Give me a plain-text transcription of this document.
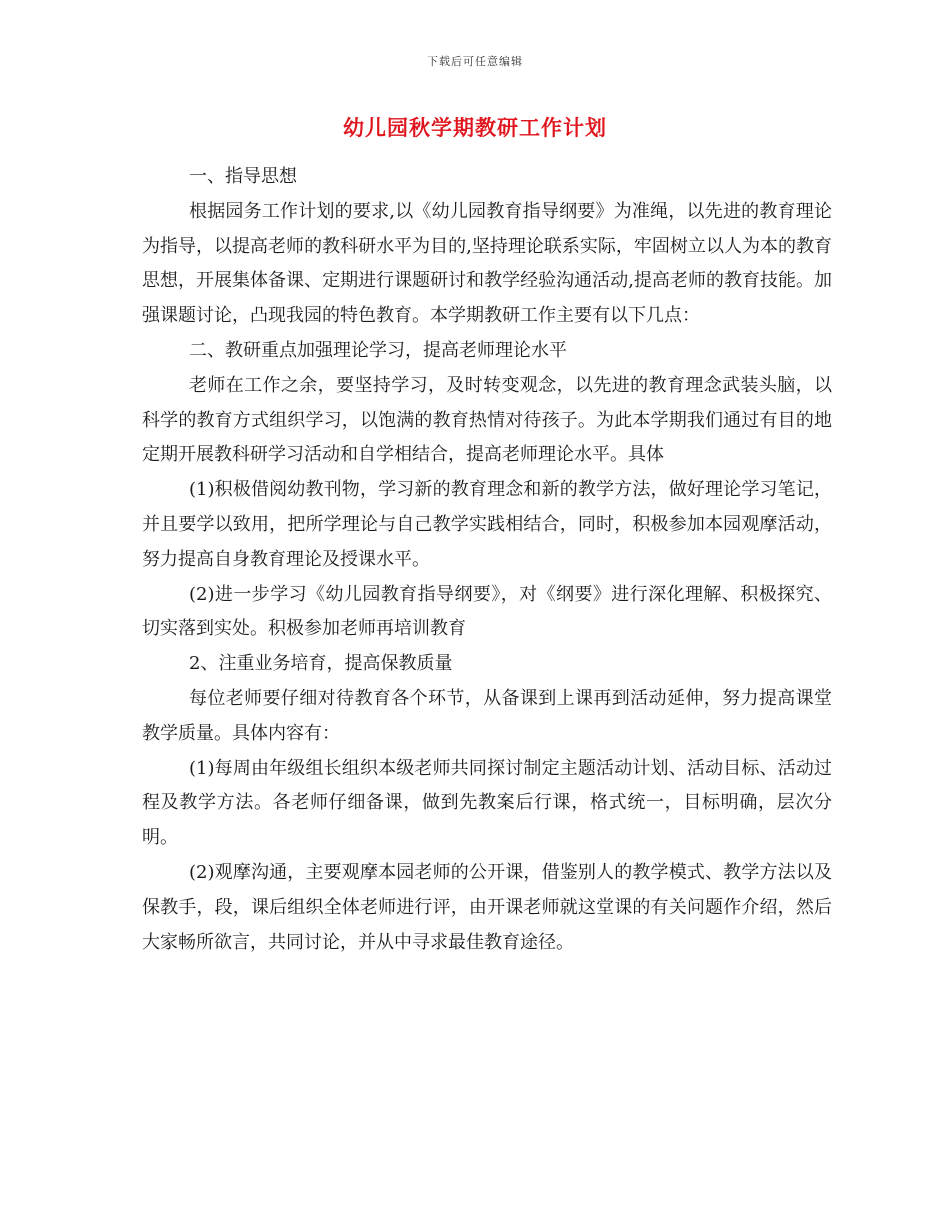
下载后可任意编辑
幼儿园秋学期教研工作计划

一、指导思想

根据园务工作计划的要求,以《幼儿园教育指导纲要》为准绳，以先进的教育理论为指导，以提高老师的教科研水平为目的,坚持理论联系实际，牢固树立以人为本的教育思想，开展集体备课、定期进行课题研讨和教学经验沟通活动,提高老师的教育技能。加强课题讨论，凸现我园的特色教育。本学期教研工作主要有以下几点：

二、教研重点加强理论学习，提高老师理论水平

老师在工作之余，要坚持学习，及时转变观念，以先进的教育理念武装头脑，以科学的教育方式组织学习，以饱满的教育热情对待孩子。为此本学期我们通过有目的地定期开展教科研学习活动和自学相结合，提高老师理论水平。具体

(1)积极借阅幼教刊物，学习新的教育理念和新的教学方法，做好理论学习笔记，并且要学以致用，把所学理论与自己教学实践相结合，同时，积极参加本园观摩活动，努力提高自身教育理论及授课水平。

(2)进一步学习《幼儿园教育指导纲要》，对《纲要》进行深化理解、积极探究、切实落到实处。积极参加老师再培训教育

2、注重业务培育，提高保教质量

每位老师要仔细对待教育各个环节，从备课到上课再到活动延伸，努力提高课堂教学质量。具体内容有：

(1)每周由年级组长组织本级老师共同探讨制定主题活动计划、活动目标、活动过程及教学方法。各老师仔细备课，做到先教案后行课，格式统一，目标明确，层次分明。

(2)观摩沟通，主要观摩本园老师的公开课，借鉴别人的教学模式、教学方法以及保教手，段，课后组织全体老师进行评，由开课老师就这堂课的有关问题作介绍，然后大家畅所欲言，共同讨论，并从中寻求最佳教育途径。
